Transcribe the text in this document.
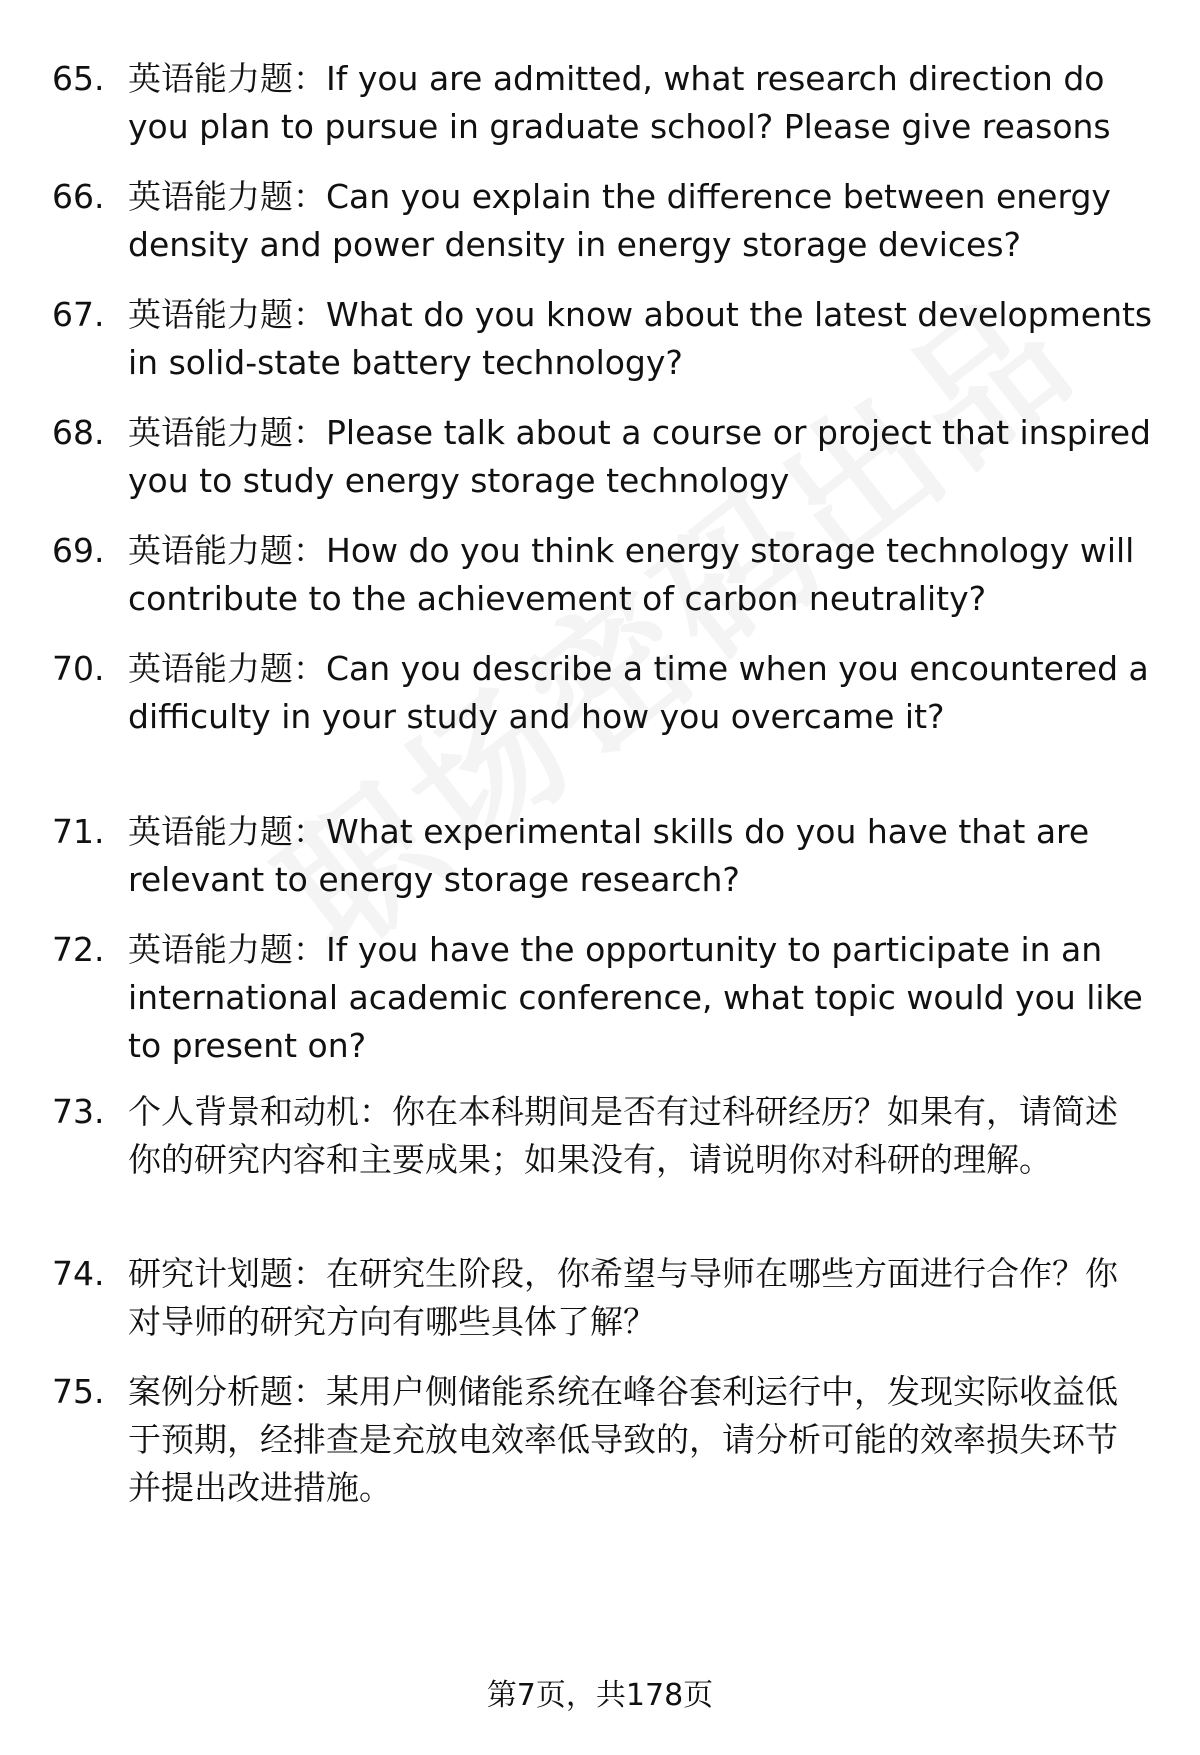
65. 英语能力题：If you are admitted, what research direction do you plan to pursue in graduate school? Please give reasons
66. 英语能力题：Can you explain the difference between energy density and power density in energy storage devices?
67. 英语能力题：What do you know about the latest developments in solid-state battery technology?
68. 英语能力题：Please talk about a course or project that inspired you to study energy storage technology
69. 英语能力题：How do you think energy storage technology will contribute to the achievement of carbon neutrality?
70. 英语能力题：Can you describe a time when you encountered a difficulty in your study and how you overcame it?
71. 英语能力题：What experimental skills do you have that are relevant to energy storage research?
72. 英语能力题：If you have the opportunity to participate in an international academic conference, what topic would you like to present on?
73. 个人背景和动机：你在本科期间是否有过科研经历？如果有，请简述你的研究内容和主要成果；如果没有，请说明你对科研的理解。
74. 研究计划题：在研究生阶段，你希望与导师在哪些方面进行合作？你对导师的研究方向有哪些具体了解？
75. 案例分析题：某用户侧储能系统在峰谷套利运行中，发现实际收益低于预期，经排查是充放电效率低导致的，请分析可能的效率损失环节并提出改进措施。
第7页，共178页
